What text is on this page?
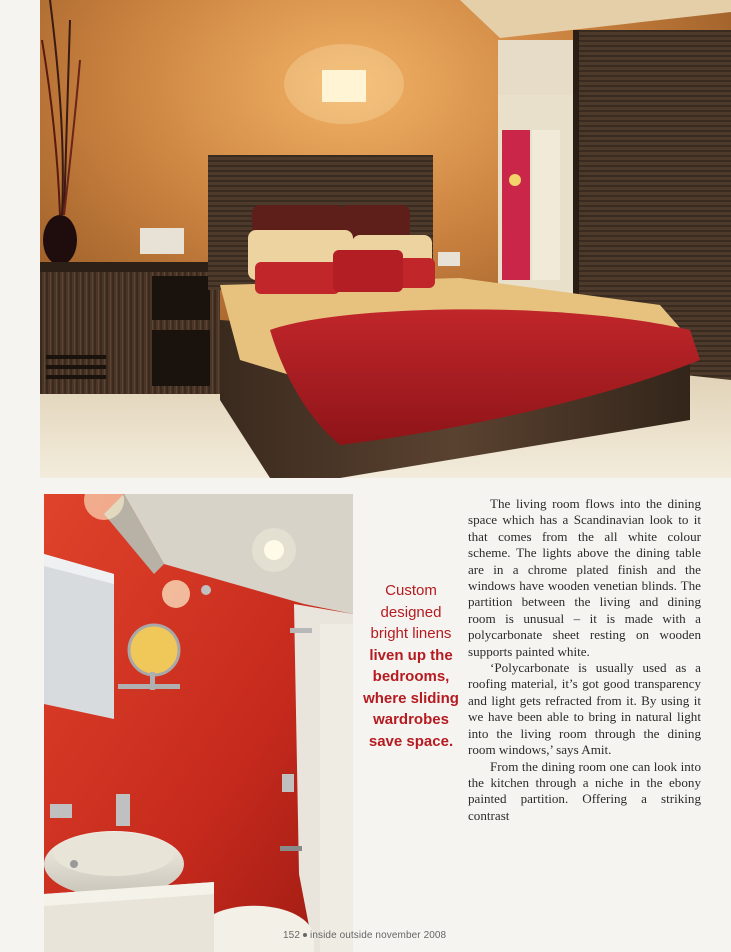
Custom designed bright linens liven up the bedrooms, where sliding wardrobes save space.

The living room flows into the dining space which has a Scandinavian look to it that comes from the all white colour scheme. The lights above the dining table are in a chrome plated finish and the windows have wooden venetian blinds. The partition between the living and dining room is unusual – it is made with a polycarbonate sheet resting on wooden supports painted white.

‘Polycarbonate is usually used as a roofing material, it’s got good transparency and light gets refracted from it. By using it we have been able to bring in natural light into the living room through the dining room windows,’ says Amit.

From the dining room one can look into the kitchen through a niche in the ebony painted partition. Offering a striking contrast

152 inside outside november 2008
